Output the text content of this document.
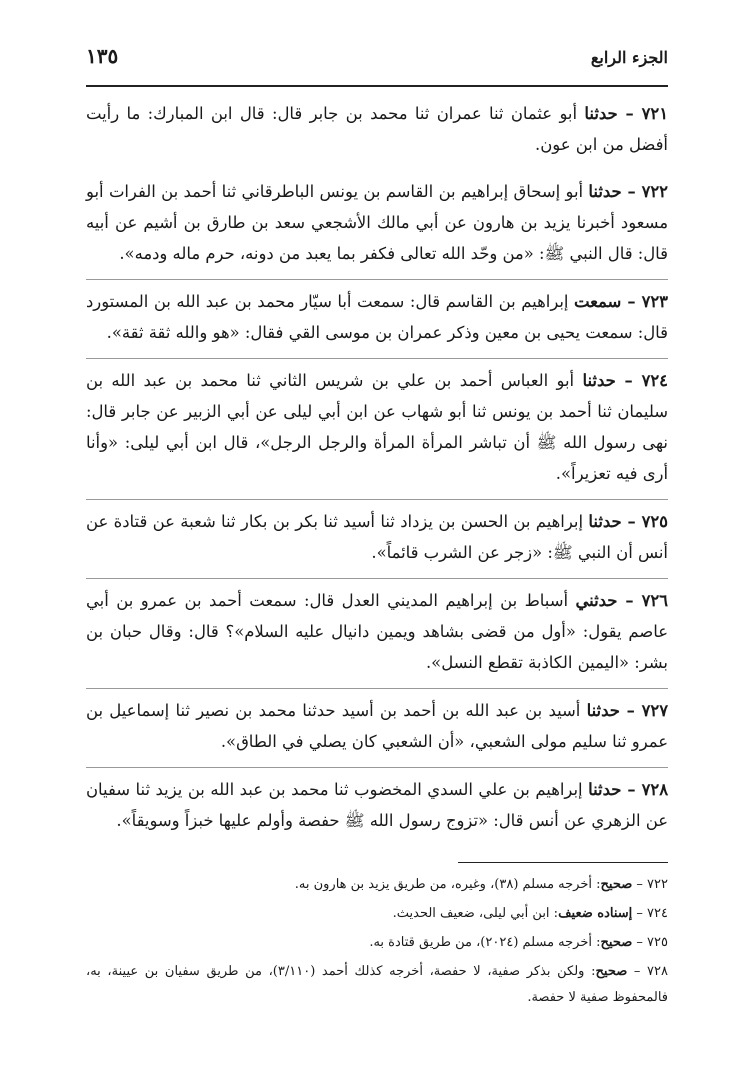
الجزء الرابع
١٣٥

٧٢١ – حدثنا أبو عثمان ثنا عمران ثنا محمد بن جابر قال: قال ابن المبارك: ما رأيت أفضل من ابن عون.

٧٢٢ – حدثنا أبو إسحاق إبراهيم بن القاسم بن يونس الباطرقاني ثنا أحمد بن الفرات أبو مسعود أخبرنا يزيد بن هارون عن أبي مالك الأشجعي سعد بن طارق بن أشيم عن أبيه قال: قال النبي ﷺ: «من وحّد الله تعالى فكفر بما يعبد من دونه، حرم ماله ودمه».

٧٢٣ – سمعت إبراهيم بن القاسم قال: سمعت أبا سيّار محمد بن عبد الله بن المستورد قال: سمعت يحيى بن معين وذكر عمران بن موسى القي فقال: «هو والله ثقة ثقة».

٧٢٤ – حدثنا أبو العباس أحمد بن علي بن شريس الثاني ثنا محمد بن عبد الله بن سليمان ثنا أحمد بن يونس ثنا أبو شهاب عن ابن أبي ليلى عن أبي الزبير عن جابر قال: نهى رسول الله ﷺ أن تباشر المرأة المرأة والرجل الرجل»، قال ابن أبي ليلى: «وأنا أرى فيه تعزيراً».

٧٢٥ – حدثنا إبراهيم بن الحسن بن يزداد ثنا أسيد ثنا بكر بن بكار ثنا شعبة عن قتادة عن أنس أن النبي ﷺ: «زجر عن الشرب قائماً».

٧٢٦ – حدثني أسباط بن إبراهيم المديني العدل قال: سمعت أحمد بن عمرو بن أبي عاصم يقول: «أول من قضى بشاهد ويمين دانيال عليه السلام»؟ قال: وقال حبان بن بشر: «اليمين الكاذبة تقطع النسل».

٧٢٧ – حدثنا أسيد بن عبد الله بن أحمد بن أسيد حدثنا محمد بن نصير ثنا إسماعيل بن عمرو ثنا سليم مولى الشعبي، «أن الشعبي كان يصلي في الطاق».

٧٢٨ – حدثنا إبراهيم بن علي السدي المخضوب ثنا محمد بن عبد الله بن يزيد ثنا سفيان عن الزهري عن أنس قال: «تزوج رسول الله ﷺ حفصة وأولم عليها خبزاً وسويقاً».

٧٢٢ – صحيح: أخرجه مسلم (٣٨)، وغيره، من طريق يزيد بن هارون به.

٧٢٤ – إسناده ضعيف: ابن أبي ليلى، ضعيف الحديث.

٧٢٥ – صحيح: أخرجه مسلم (٢٠٢٤)، من طريق قتادة به.

٧٢٨ – صحيح: ولكن بذكر صفية، لا حفصة، أخرجه كذلك أحمد (٣/١١٠)، من طريق سفيان بن عيينة، به، فالمحفوظ صفية لا حفصة.
